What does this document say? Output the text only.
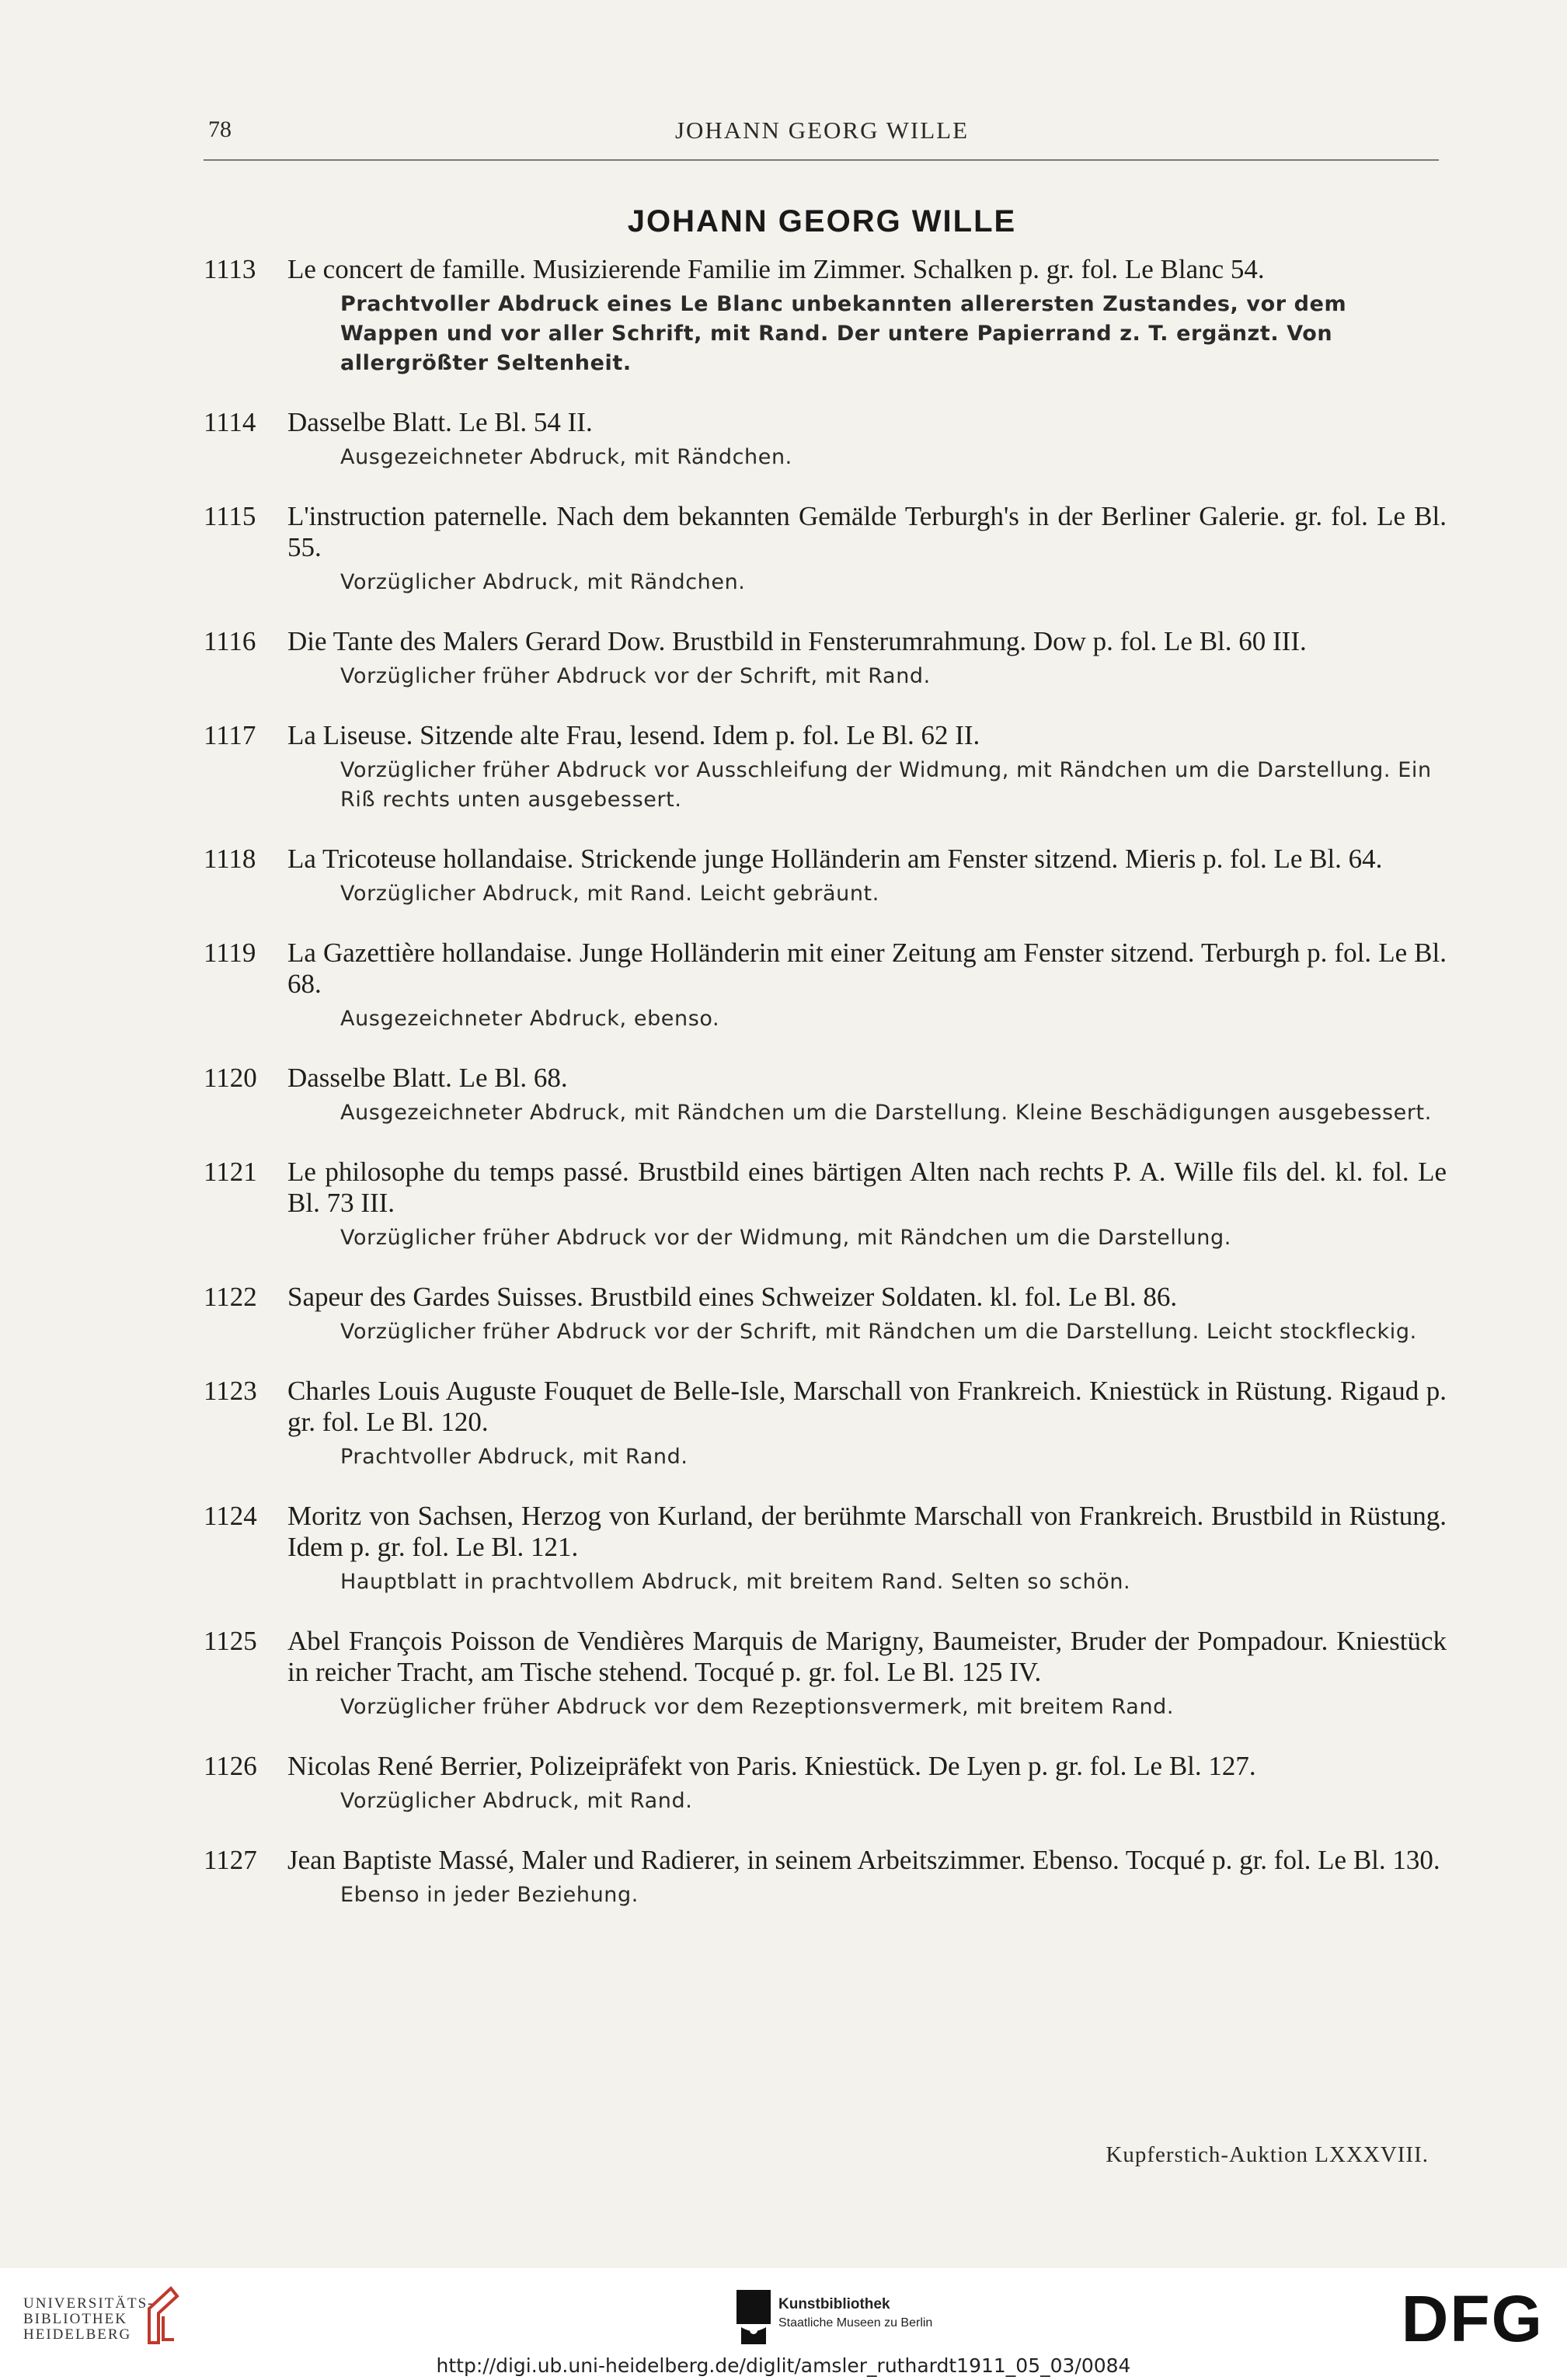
78	JOHANN GEORG WILLE
JOHANN GEORG WILLE
1113 Le concert de famille. Musizierende Familie im Zimmer. Schalken p. gr. fol. Le Blanc 54.
Prachtvoller Abdruck eines Le Blanc unbekannten allerersten Zustandes, vor dem Wappen und vor aller Schrift, mit Rand. Der untere Papierrand z. T. ergänzt. Von allergrößter Seltenheit.
1114 Dasselbe Blatt. Le Bl. 54 II.
Ausgezeichneter Abdruck, mit Rändchen.
1115 L'instruction paternelle. Nach dem bekannten Gemälde Terburgh's in der Berliner Galerie. gr. fol. Le Bl. 55.
Vorzüglicher Abdruck, mit Rändchen.
1116 Die Tante des Malers Gerard Dow. Brustbild in Fensterumrahmung. Dow p. fol. Le Bl. 60 III.
Vorzüglicher früher Abdruck vor der Schrift, mit Rand.
1117 La Liseuse. Sitzende alte Frau, lesend. Idem p. fol. Le Bl. 62 II.
Vorzüglicher früher Abdruck vor Ausschleifung der Widmung, mit Rändchen um die Darstellung. Ein Riß rechts unten ausgebessert.
1118 La Tricoteuse hollandaise. Strickende junge Holländerin am Fenster sitzend. Mieris p. fol. Le Bl. 64.
Vorzüglicher Abdruck, mit Rand. Leicht gebräunt.
1119 La Gazettière hollandaise. Junge Holländerin mit einer Zeitung am Fenster sitzend. Terburgh p. fol. Le Bl. 68.
Ausgezeichneter Abdruck, ebenso.
1120 Dasselbe Blatt. Le Bl. 68.
Ausgezeichneter Abdruck, mit Rändchen um die Darstellung. Kleine Beschädigungen ausgebessert.
1121 Le philosophe du temps passé. Brustbild eines bärtigen Alten nach rechts P. A. Wille fils del. kl. fol. Le Bl. 73 III.
Vorzüglicher früher Abdruck vor der Widmung, mit Rändchen um die Darstellung.
1122 Sapeur des Gardes Suisses. Brustbild eines Schweizer Soldaten. kl. fol. Le Bl. 86.
Vorzüglicher früher Abdruck vor der Schrift, mit Rändchen um die Darstellung. Leicht stockfleckig.
1123 Charles Louis Auguste Fouquet de Belle-Isle, Marschall von Frankreich. Kniestück in Rüstung. Rigaud p. gr. fol. Le Bl. 120.
Prachtvoller Abdruck, mit Rand.
1124 Moritz von Sachsen, Herzog von Kurland, der berühmte Marschall von Frankreich. Brustbild in Rüstung. Idem p. gr. fol. Le Bl. 121.
Hauptblatt in prachtvollem Abdruck, mit breitem Rand. Selten so schön.
1125 Abel François Poisson de Vendières Marquis de Marigny, Baumeister, Bruder der Pompadour. Kniestück in reicher Tracht, am Tische stehend. Tocqué p. gr. fol. Le Bl. 125 IV.
Vorzüglicher früher Abdruck vor dem Rezeptionsvermerk, mit breitem Rand.
1126 Nicolas René Berrier, Polizeipräfekt von Paris. Kniestück. De Lyen p. gr. fol. Le Bl. 127.
Vorzüglicher Abdruck, mit Rand.
1127 Jean Baptiste Massé, Maler und Radierer, in seinem Arbeitszimmer. Ebenso. Tocqué p. gr. fol. Le Bl. 130.
Ebenso in jeder Beziehung.
Kupferstich-Auktion LXXXVIII.
UNIVERSITÄTS-
BIBLIOTHEK
HEIDELBERG
Kunstbibliothek
Staatliche Museen zu Berlin	DFG
http://digi.ub.uni-heidelberg.de/diglit/amsler_ruthardt1911_05_03/0084
